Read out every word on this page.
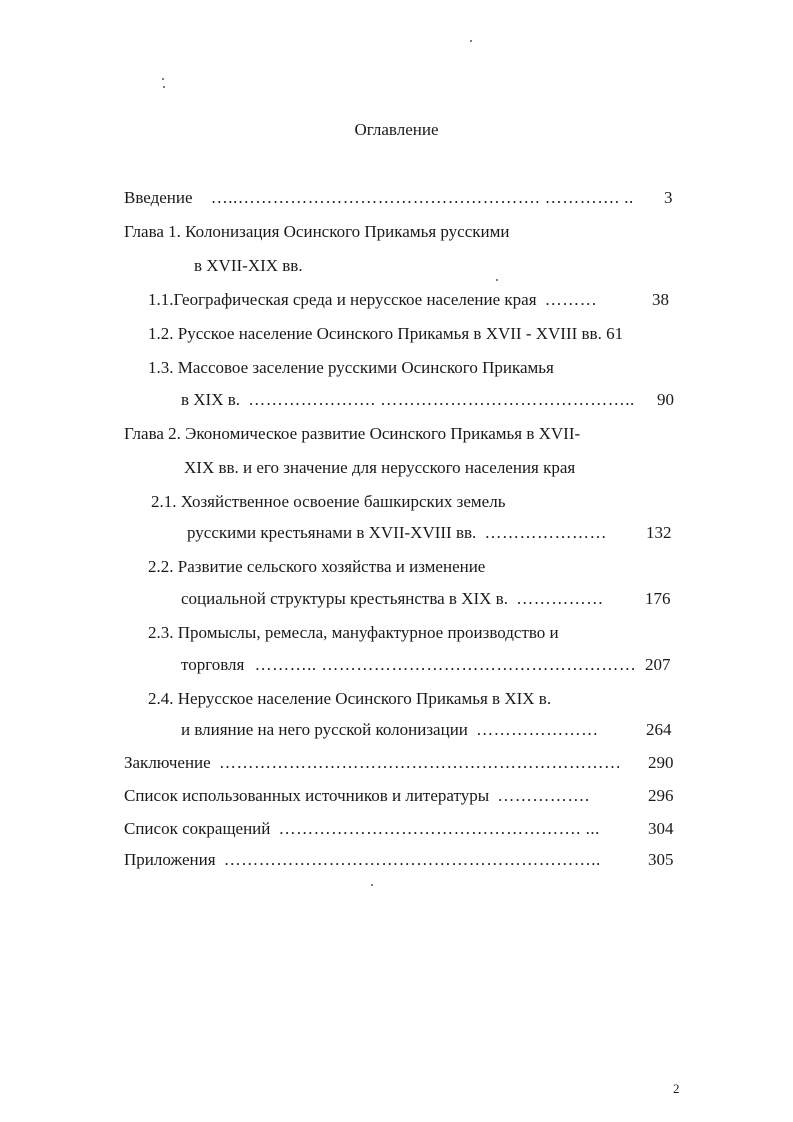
Оглавление
Введение …..……………………………………………. …………. ..	3
Глава 1. Колонизация Осинского Прикамья русскими
в XVII-XIX вв.
1.1.Географическая среда и нерусское население края ………	38
1.2. Русское население Осинского Прикамья в XVII - XVIII вв. 61
1.3. Массовое заселение русскими Осинского Прикамья
в XIX в. …………………. ……………………………………..	90
Глава 2. Экономическое развитие Осинского Прикамья в XVII-
XIX вв. и его значение для нерусского населения края
2.1. Хозяйственное освоение башкирских земель
русскими крестьянами в XVII-XVIII вв. …………………	132
2.2. Развитие сельского хозяйства и изменение
социальной структуры крестьянства в XIX в. ……………	176
2.3. Промыслы, ремесла, мануфактурное производство и
торговля ……….. ……………………………………………… 207
2.4. Нерусское население Осинского Прикамья в XIX в.
и влияние на него русской колонизации …………………	264
Заключение ……………………………………………………………	290
Список использованных источников и литературы …………….	296
Список сокращений ……………………………………………. ...	304
Приложения ………………………………………………………..	305
2
